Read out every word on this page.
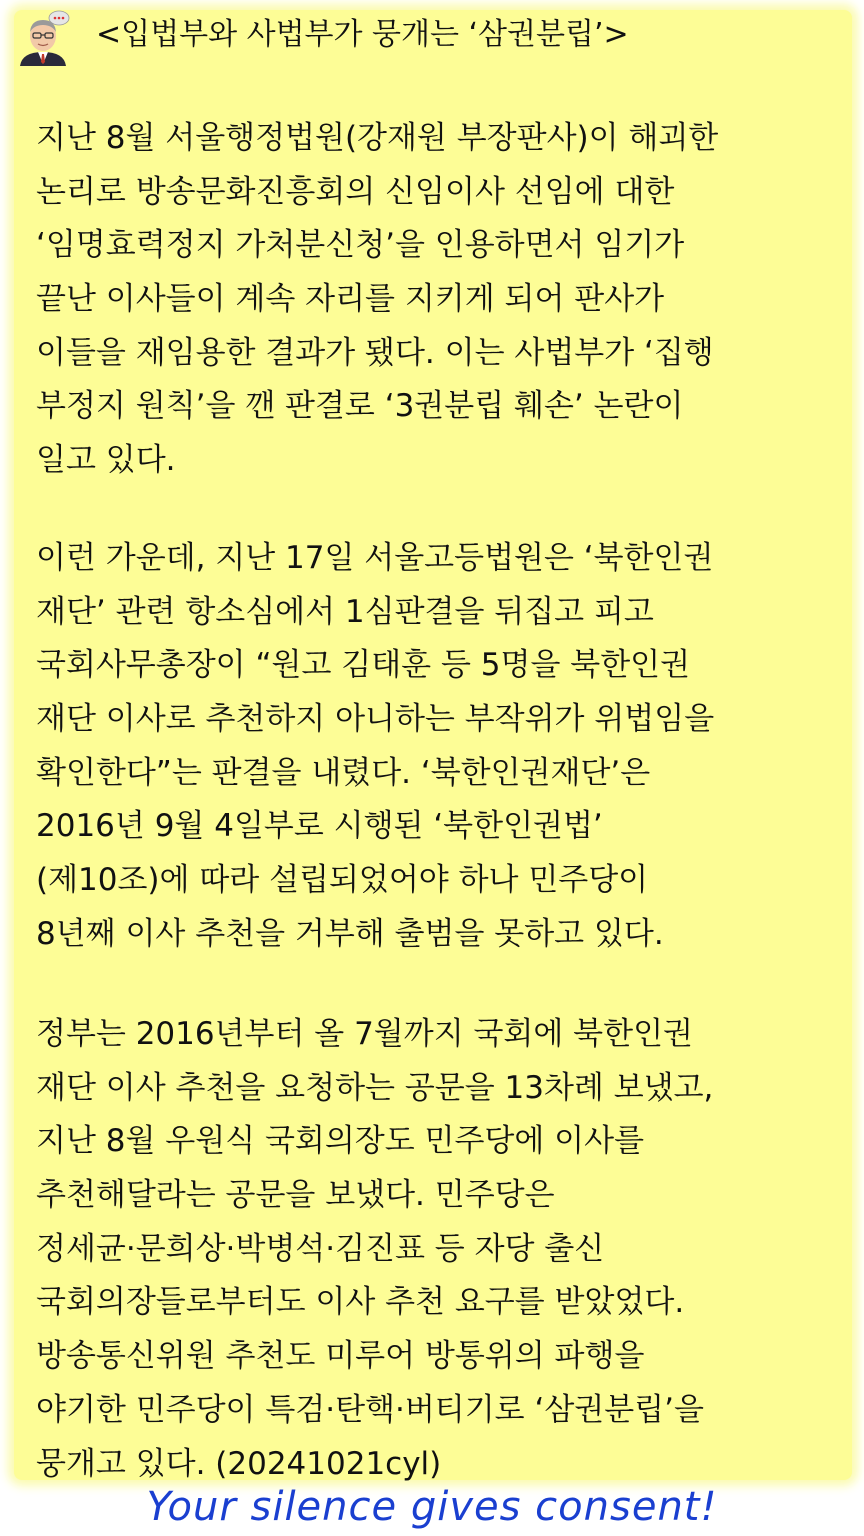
<입법부와 사법부가 뭉개는 ‘삼권분립’>
지난 8월 서울행정법원(강재원 부장판사)이 해괴한
논리로 방송문화진흥회의 신임이사 선임에 대한
‘임명효력정지 가처분신청’을 인용하면서 임기가
끝난 이사들이 계속 자리를 지키게 되어 판사가
이들을 재임용한 결과가 됐다. 이는 사법부가 ‘집행
부정지 원칙’을 깬 판결로 ‘3권분립 훼손’ 논란이
일고 있다.
이런 가운데, 지난 17일 서울고등법원은 ‘북한인권
재단’ 관련 항소심에서 1심판결을 뒤집고 피고
국회사무총장이 “원고 김태훈 등 5명을 북한인권
재단 이사로 추천하지 아니하는 부작위가 위법임을
확인한다”는 판결을 내렸다. ‘북한인권재단’은
2016년 9월 4일부로 시행된 ‘북한인권법’
(제10조)에 따라 설립되었어야 하나 민주당이
8년째 이사 추천을 거부해 출범을 못하고 있다.
정부는 2016년부터 올 7월까지 국회에 북한인권
재단 이사 추천을 요청하는 공문을 13차례 보냈고,
지난 8월 우원식 국회의장도 민주당에 이사를
추천해달라는 공문을 보냈다. 민주당은
정세균·문희상·박병석·김진표 등 자당 출신
국회의장들로부터도 이사 추천 요구를 받았었다.
방송통신위원 추천도 미루어 방통위의 파행을
야기한 민주당이 특검·탄핵·버티기로 ‘삼권분립’을
뭉개고 있다. (20241021cyl)
Your silence gives consent!
